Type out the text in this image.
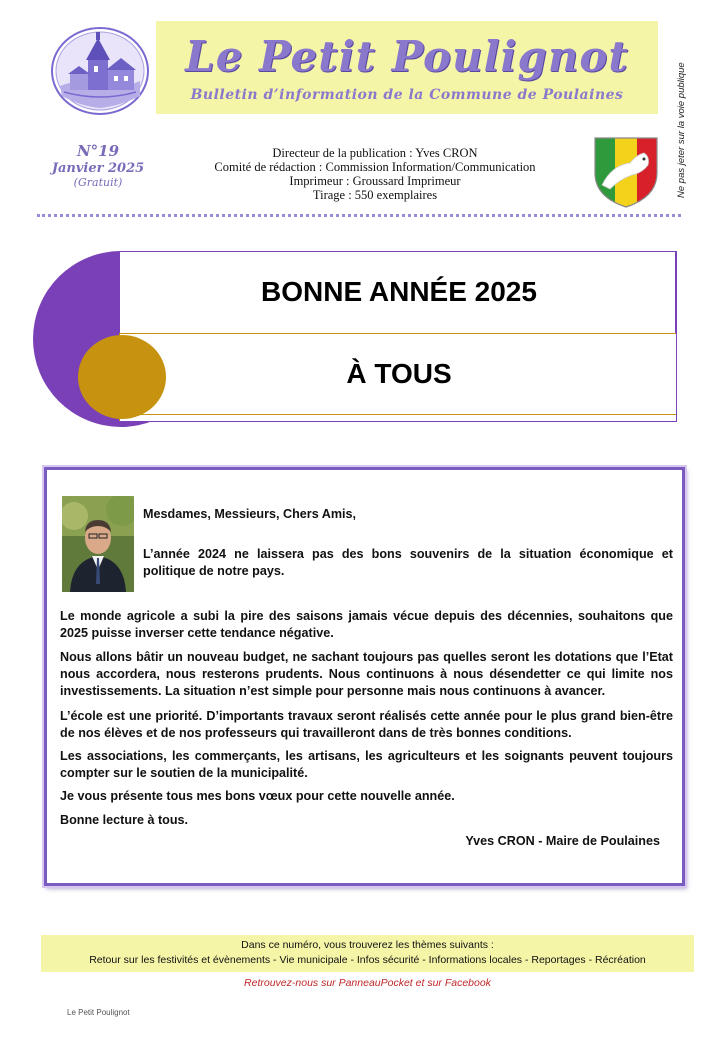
Le Petit Poulignot
Bulletin d’information de la Commune de Poulaines	Ne pas jeter sur la voie publique
N°19
Janvier 2025
(Gratuit)
Directeur de la publication : Yves CRON
Comité de rédaction : Commission Information/Communication
Imprimeur : Groussard Imprimeur
Tirage : 550 exemplaires
BONNE ANNÉE 2025
À TOUS
Mesdames, Messieurs, Chers Amis,
L’année 2024 ne laissera pas des bons souvenirs de la situation économique et politique de notre pays.
Le monde agricole a subi la pire des saisons jamais vécue depuis des décennies, souhaitons que 2025 puisse inverser cette tendance négative.
Nous allons bâtir un nouveau budget, ne sachant toujours pas quelles seront les dotations que l’Etat nous accordera, nous resterons prudents. Nous continuons à nous désendetter ce qui limite nos investissements. La situation n’est simple pour personne mais nous continuons à avancer.
L’école est une priorité. D’importants travaux seront réalisés cette année pour le plus grand bien-être de nos élèves et de nos professeurs qui travailleront dans de très bonnes conditions.
Les associations, les commerçants, les artisans, les agriculteurs et les soignants peuvent toujours compter sur le soutien de la municipalité.
Je vous présente tous mes bons vœux pour cette nouvelle année.
Bonne lecture à tous.
Yves CRON - Maire de Poulaines
Dans ce numéro, vous trouverez les thèmes suivants :
Retour sur les festivités et évènements - Vie municipale - Infos sécurité - Informations locales - Reportages - Récréation
Retrouvez-nous sur PanneauPocket et sur Facebook
Le Petit Poulignot
